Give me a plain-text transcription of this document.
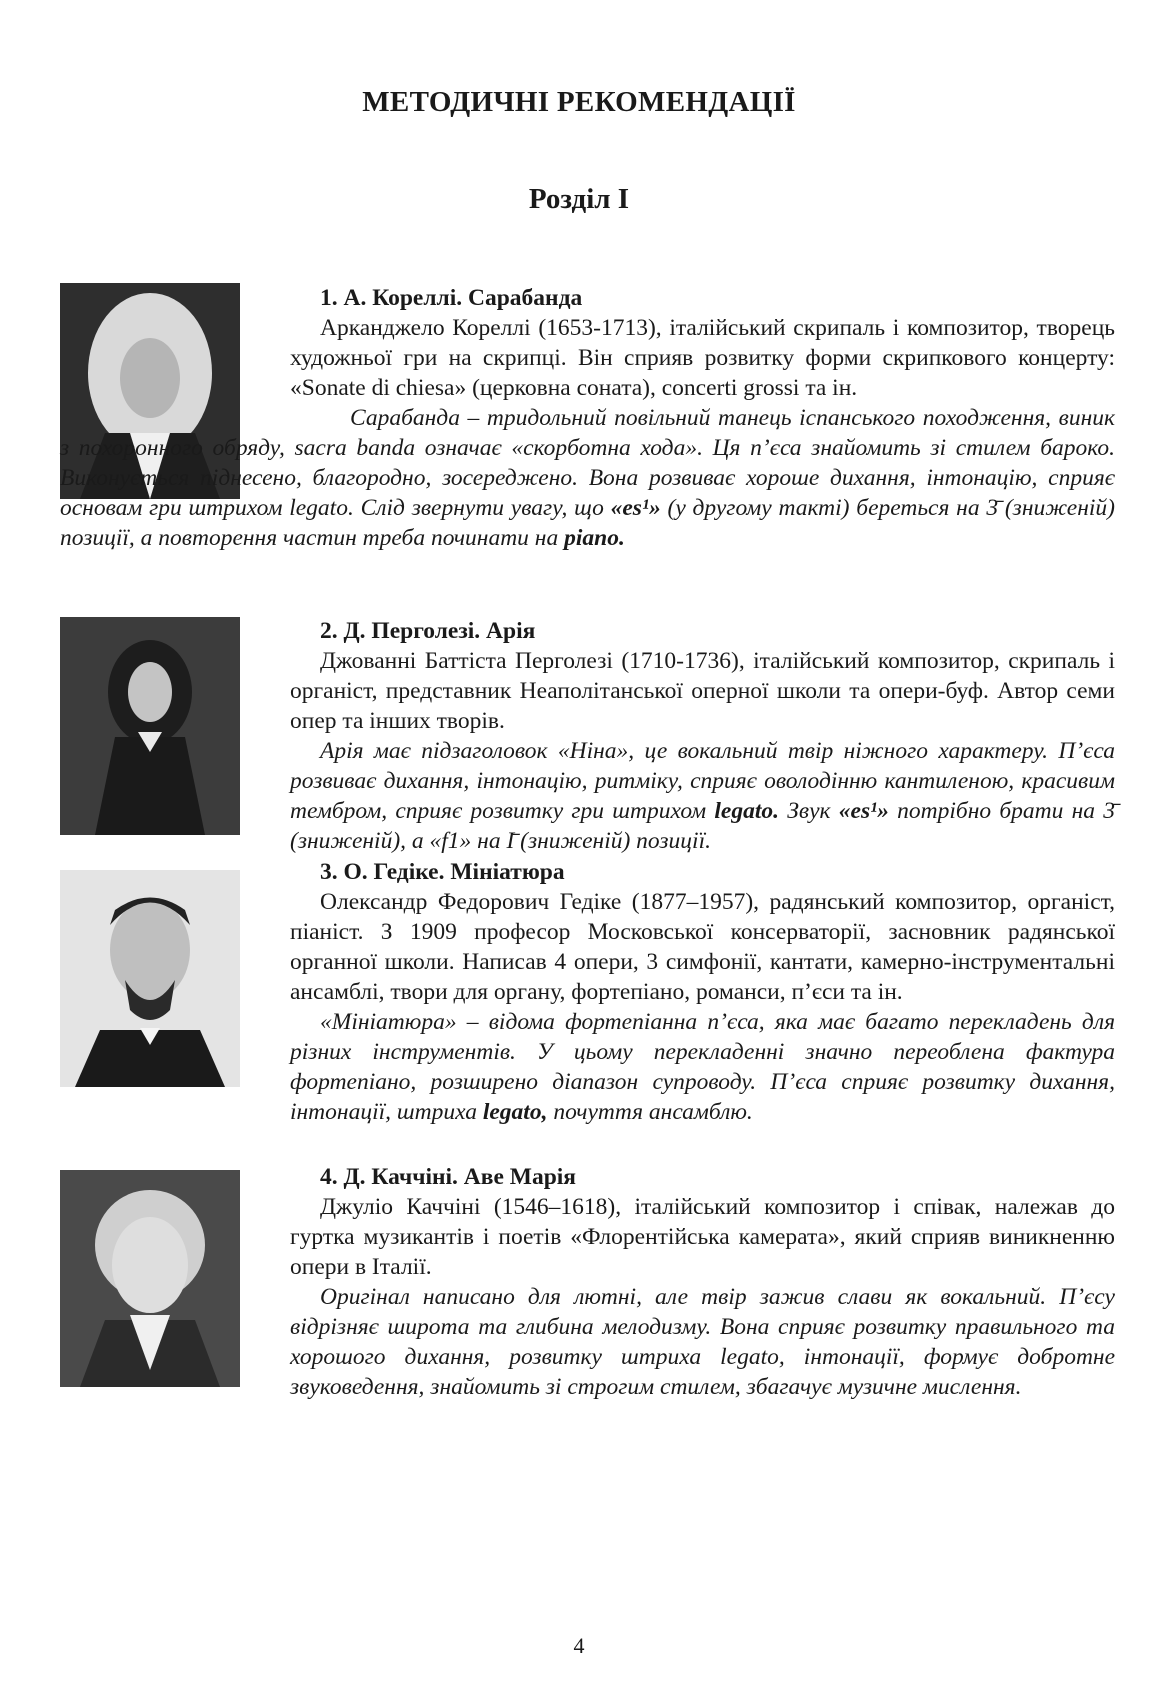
МЕТОДИЧНІ РЕКОМЕНДАЦІЇ
Розділ І

1. А. Кореллі. Сарабанда

Арканджело Кореллі (1653-1713), італійський скрипаль і композитор, творець художньої гри на скрипці. Він сприяв розвитку форми скрипкового концерту: «Sonate di chiesa» (церковна соната), concerti grossi та ін.

Сарабанда – тридольний повільний танець іспанського походження, виник з похоронного обряду, sacra banda означає «скорботна хода». Ця п’єса знайомить зі стилем бароко. Виконується піднесено, благородно, зосереджено. Вона розвиває хороше дихання, інтонацію, сприяє основам гри штрихом legato. Слід звернути увагу, що «es¹» (у другому такті) береться на 3̄ (зниженій) позиції, а повторення частин треба починати на piano.

2. Д. Перголезі. Арія

Джованні Баттіста Перголезі (1710-1736), італійський композитор, скрипаль і органіст, представник Неаполітанської оперної школи та опери-буф. Автор семи опер та інших творів.

Арія має підзаголовок «Ніна», це вокальний твір ніжного характеру. П’єса розвиває дихання, інтонацію, ритміку, сприяє оволодінню кантиленою, красивим тембром, сприяє розвитку гри штрихом legato. Звук «es¹» потрібно брати на 3̄ (зниженій), а «f1» на І̄ (зниженій) позиції.

3. О. Гедіке. Мініатюра

Олександр Федорович Гедіке (1877–1957), радянський композитор, органіст, піаніст. З 1909 професор Московської консерваторії, засновник радянської органної школи. Написав 4 опери, 3 симфонії, кантати, камерно-інструментальні ансамблі, твори для органу, фортепіано, романси, п’єси та ін.

«Мініатюра» – відома фортепіанна п’єса, яка має багато перекладень для різних інструментів. У цьому перекладенні значно переоблена фактура фортепіано, розширено діапазон супроводу. П’єса сприяє розвитку дихання, інтонації, штриха legato, почуття ансамблю.

4. Д. Каччіні. Аве Марія

Джуліо Каччіні (1546–1618), італійський композитор і співак, належав до гуртка музикантів і поетів «Флорентійська камерата», який сприяв виникненню опери в Італії.

Оригінал написано для лютні, але твір зажив слави як вокальний. П’єсу відрізняє широта та глибина мелодизму. Вона сприяє розвитку правильного та хорошого дихання, розвитку штриха legato, інтонації, формує добротне звуковедення, знайомить зі строгим стилем, збагачує музичне мислення.

4
